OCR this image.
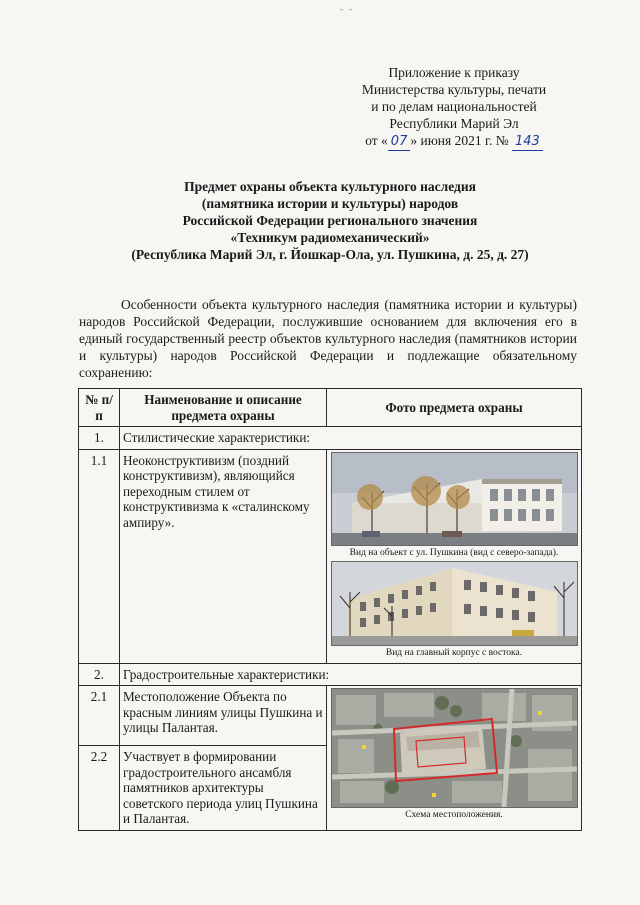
- -
Приложение к приказу
Министерства культуры, печати
и по делам национальностей
Республики Марий Эл
от « 07 » июня 2021 г. № 143
Предмет охраны объекта культурного наследия
(памятника истории и культуры) народов
Российской Федерации регионального значения
«Техникум радиомеханический»
(Республика Марий Эл, г. Йошкар-Ола, ул. Пушкина, д. 25, д. 27)
Особенности объекта культурного наследия (памятника истории и культуры) народов Российской Федерации, послужившие основанием для включения его в единый государственный реестр объектов культурного наследия (памятников истории и культуры) народов Российской Федерации и подлежащие обязательному сохранению:
№ п/п	Наименование и описание предмета охраны	Фото предмета охраны
1.	Стилистические характеристики:	
1.1	Неоконструктивизм (поздний конструктивизм), являющийся переходным стилем от конструктивизма к «сталинскому ампиру».	Вид на объект с ул. Пушкина (вид с северо-запада).
Вид на главный корпус с востока.

2.	Градостроительные характеристики:	
2.1	Местоположение Объекта по красным линиям улицы Пушкина и улицы Палантая.	Схема местоположения.

2.2	Участвует в формировании градостроительного ансамбля памятников архитектуры советского периода улиц Пушкина и Палантая.	
